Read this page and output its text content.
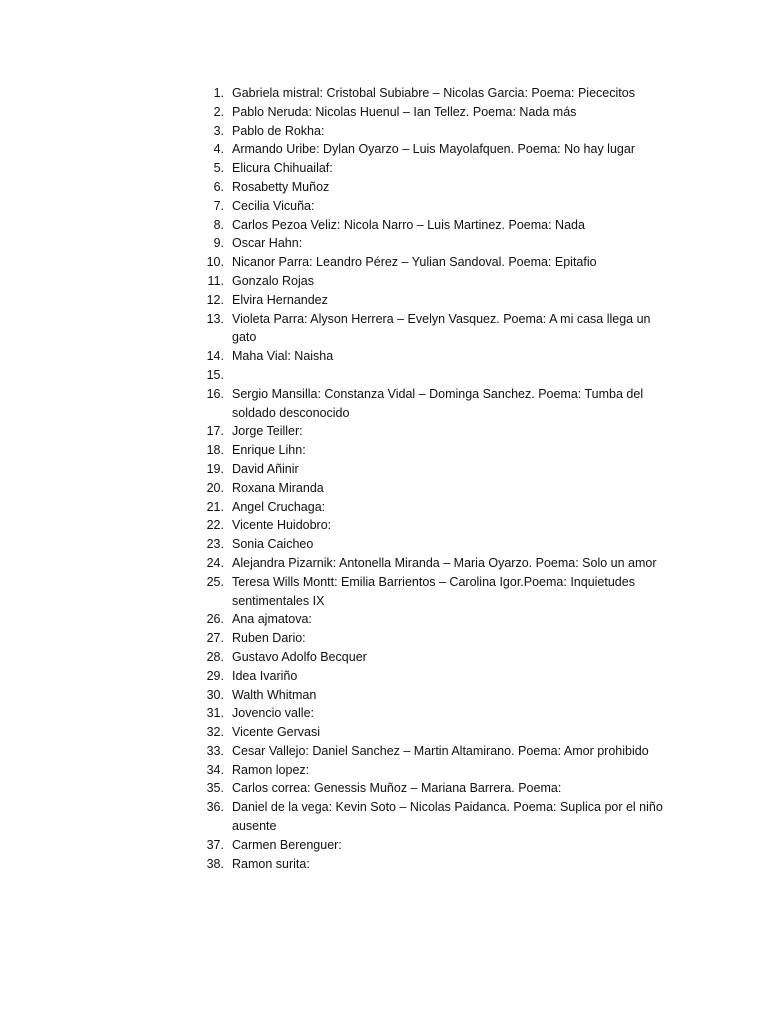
1. Gabriela mistral: Cristobal Subiabre – Nicolas Garcia: Poema: Piececitos
2. Pablo Neruda: Nicolas Huenul – Ian Tellez. Poema: Nada más
3. Pablo de Rokha:
4. Armando Uribe: Dylan Oyarzo – Luis Mayolafquen. Poema: No hay lugar
5. Elicura Chihuailaf:
6. Rosabetty Muñoz
7. Cecilia Vicuña:
8. Carlos Pezoa Veliz: Nicola Narro – Luis Martinez. Poema: Nada
9. Oscar Hahn:
10. Nicanor Parra: Leandro Pérez – Yulian Sandoval. Poema: Epitafio
11. Gonzalo Rojas
12. Elvira Hernandez
13. Violeta Parra: Alyson Herrera – Evelyn Vasquez. Poema: A mi casa llega un gato
14. Maha Vial: Naisha
15.

16. Sergio Mansilla: Constanza Vidal – Dominga Sanchez. Poema: Tumba del soldado desconocido
17. Jorge Teiller:
18. Enrique Lihn:
19. David Añinir
20. Roxana Miranda
21. Angel Cruchaga:
22. Vicente Huidobro:
23. Sonia Caicheo
24. Alejandra Pizarnik: Antonella Miranda – Maria Oyarzo. Poema: Solo un amor
25. Teresa Wills Montt: Emilia Barrientos – Carolina Igor.Poema: Inquietudes sentimentales IX
26. Ana ajmatova:
27. Ruben Dario:
28. Gustavo Adolfo Becquer
29. Idea Ivariño
30. Walth Whitman
31. Jovencio valle:
32. Vicente Gervasi
33. Cesar Vallejo: Daniel Sanchez – Martin Altamirano. Poema: Amor prohibido
34. Ramon lopez:
35. Carlos correa: Genessis Muñoz – Mariana Barrera. Poema:
36. Daniel de la vega: Kevin Soto – Nicolas Paidanca. Poema: Suplica por el niño ausente
37. Carmen Berenguer:
38. Ramon surita:
